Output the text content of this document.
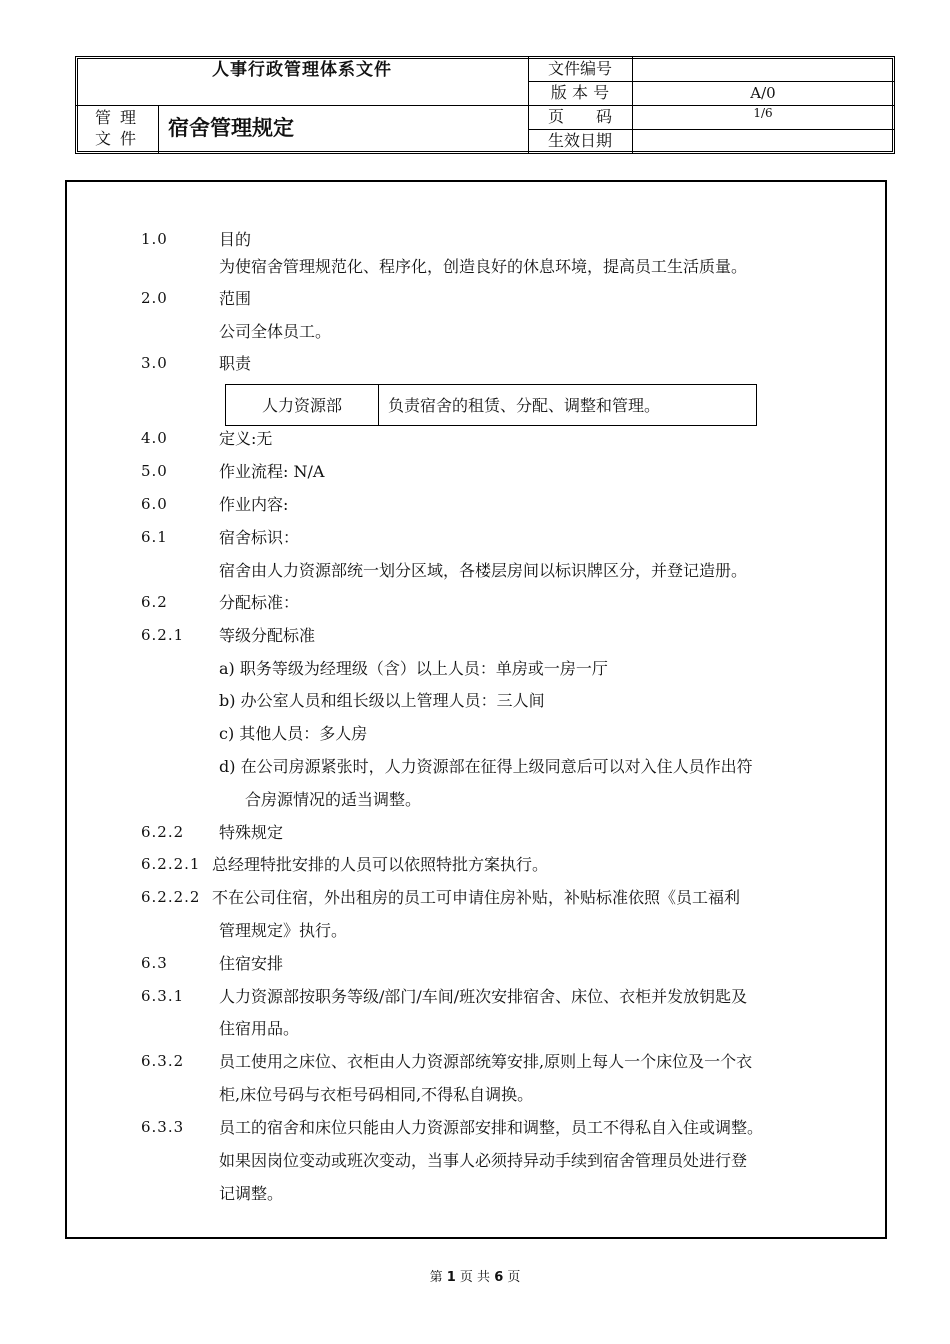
人事行政管理体系文件
管理
文件	宿舍管理规定
文件编号
版 本 号	A/0
页　　码	1/6
生效日期
1.0	目的
为使宿舍管理规范化、程序化，创造良好的休息环境，提高员工生活质量。
2.0	范围
公司全体员工。
3.0	职责
人力资源部	负责宿舍的租赁、分配、调整和管理。
4.0	定义:无
5.0	作业流程: N/A
6.0	作业内容:
6.1	宿舍标识：
宿舍由人力资源部统一划分区域，各楼层房间以标识牌区分，并登记造册。
6.2	分配标准：
6.2.1 等级分配标准
a) 职务等级为经理级（含）以上人员：单房或一房一厅
b) 办公室人员和组长级以上管理人员：三人间
c) 其他人员：多人房
d) 在公司房源紧张时，人力资源部在征得上级同意后可以对入住人员作出符
合房源情况的适当调整。
6.2.2 特殊规定
6.2.2.1 总经理特批安排的人员可以依照特批方案执行。
6.2.2.2 不在公司住宿，外出租房的员工可申请住房补贴，补贴标准依照《员工福利
管理规定》执行。
6.3	住宿安排
6.3.1 人力资源部按职务等级/部门/车间/班次安排宿舍、床位、衣柜并发放钥匙及
住宿用品。
6.3.2 员工使用之床位、衣柜由人力资源部统筹安排,原则上每人一个床位及一个衣
柜,床位号码与衣柜号码相同,不得私自调换。
6.3.3 员工的宿舍和床位只能由人力资源部安排和调整，员工不得私自入住或调整。
如果因岗位变动或班次变动，当事人必须持异动手续到宿舍管理员处进行登
记调整。
第 1 页 共 6 页
